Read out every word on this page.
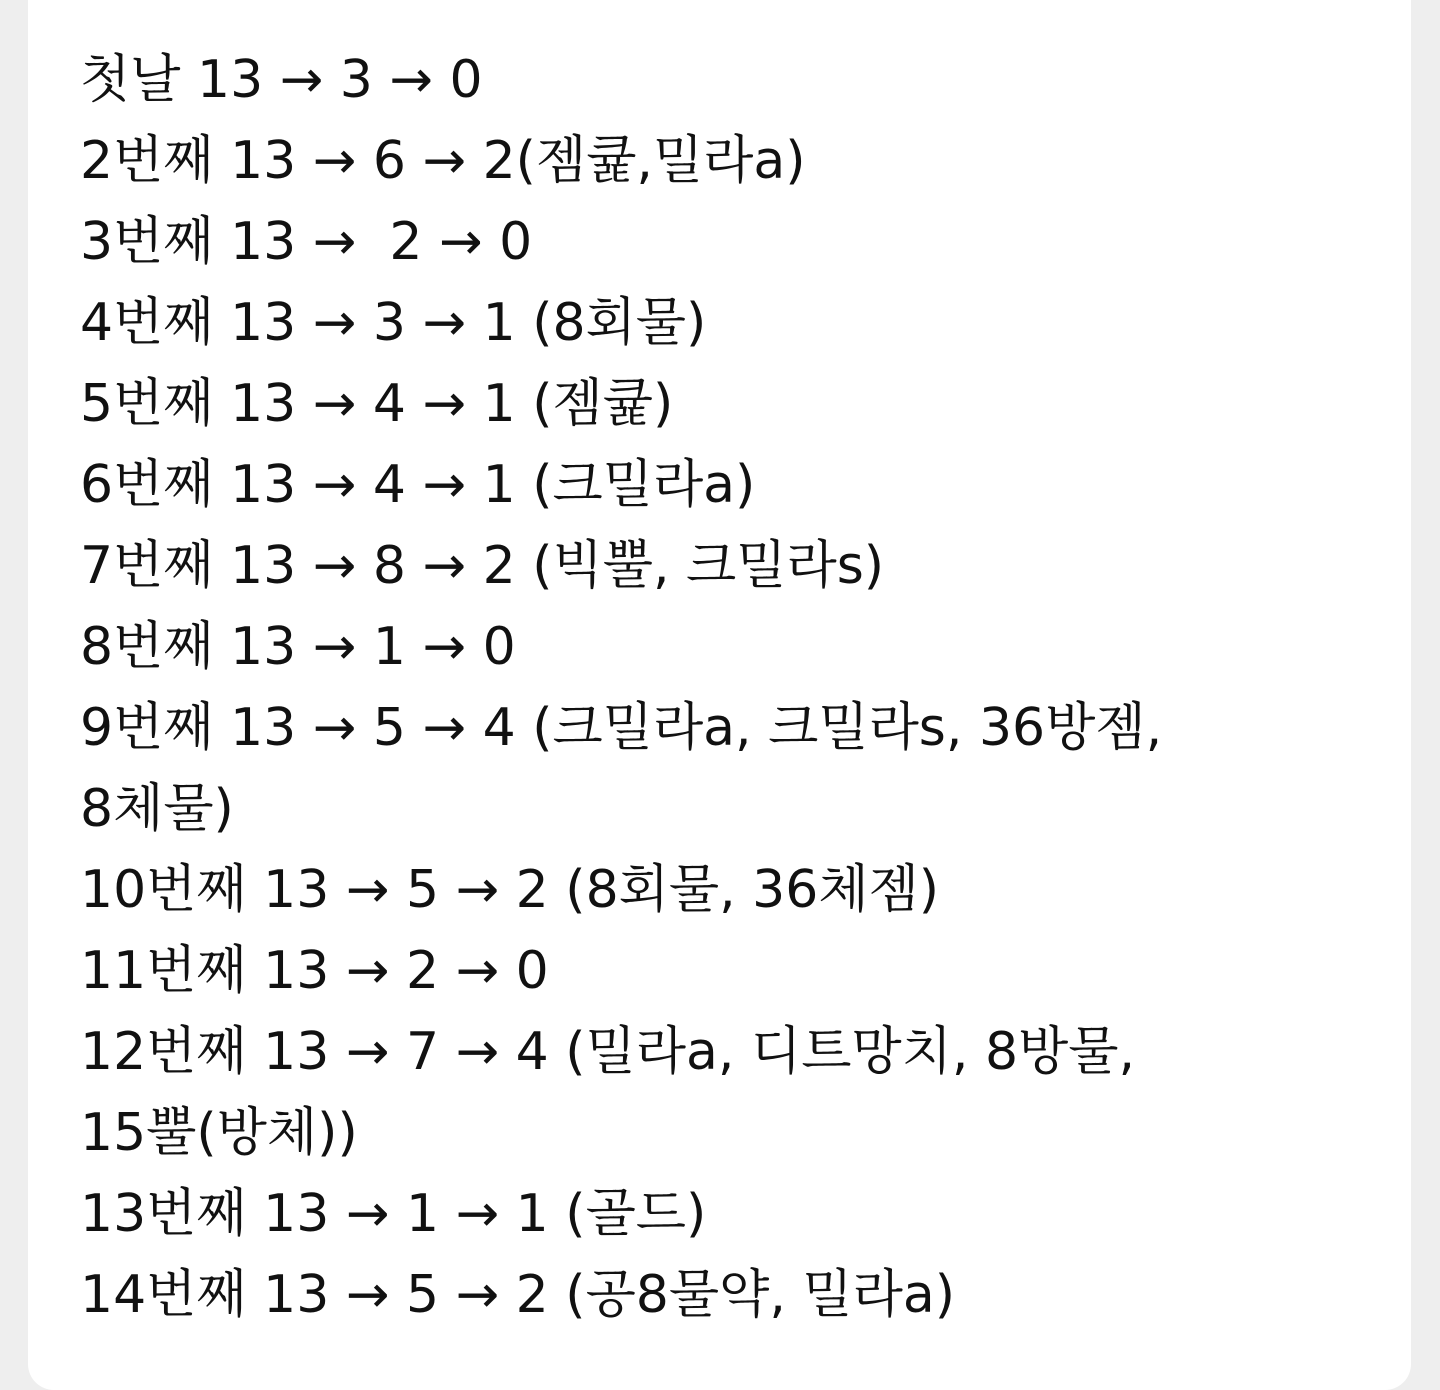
첫날 13 → 3 → 0
2번째 13 → 6 → 2(젬큝,밀라a)
3번째 13 →  2 → 0
4번째 13 → 3 → 1 (8회물)
5번째 13 → 4 → 1 (젬큝)
6번째 13 → 4 → 1 (크밀라a)
7번째 13 → 8 → 2 (빅뿔, 크밀라s)
8번째 13 → 1 → 0
9번째 13 → 5 → 4 (크밀라a, 크밀라s, 36방젬,
8체물)
10번째 13 → 5 → 2 (8회물, 36체젬)
11번째 13 → 2 → 0
12번째 13 → 7 → 4 (밀라a, 디트망치, 8방물,
15뿔(방체))
13번째 13 → 1 → 1 (골드)
14번째 13 → 5 → 2 (공8물약, 밀라a)
